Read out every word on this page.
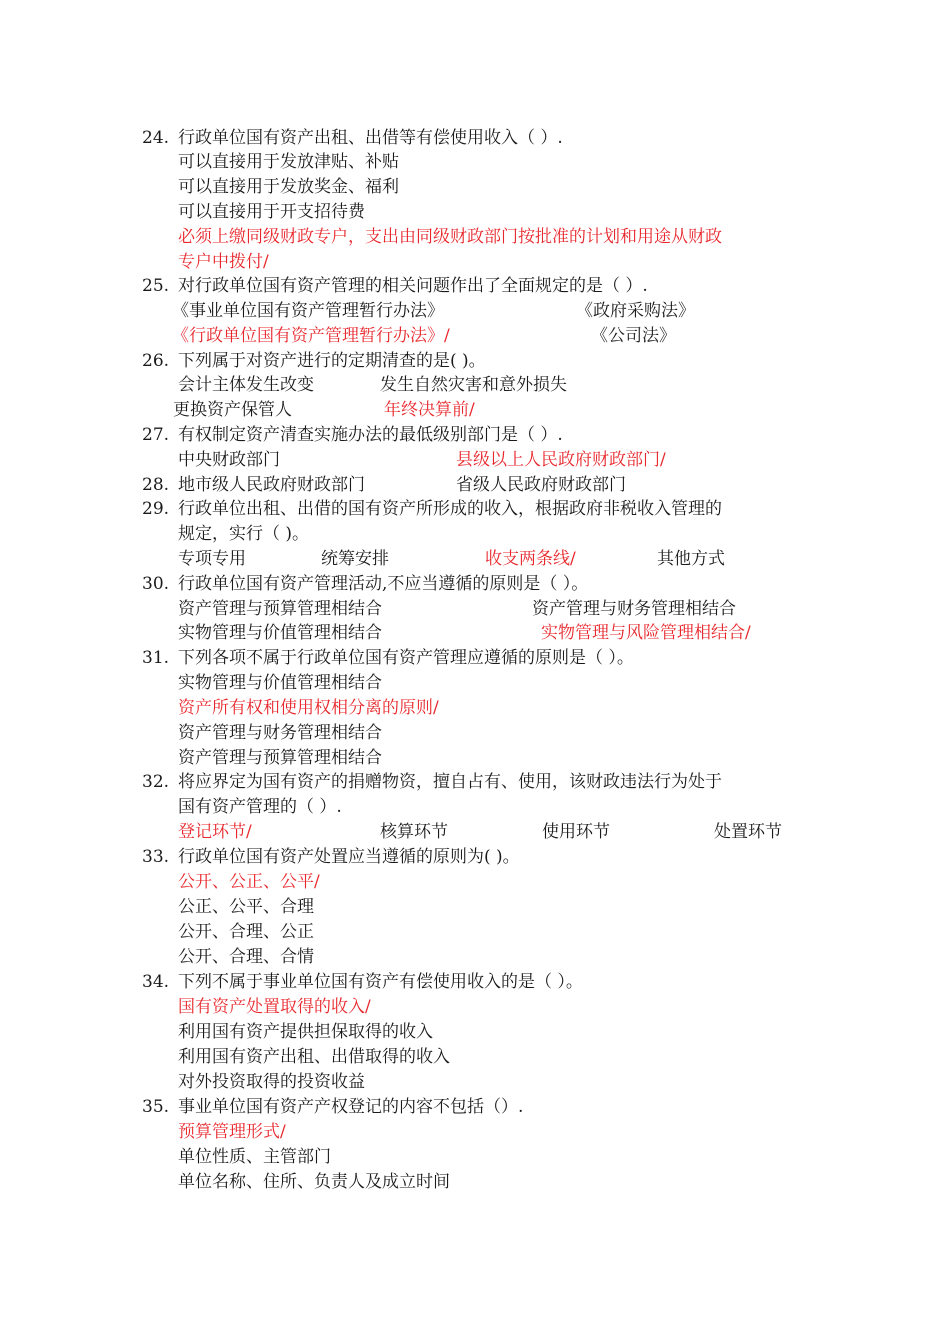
24. 行政单位国有资产出租、出借等有偿使用收入（ ）.
可以直接用于发放津贴、补贴
可以直接用于发放奖金、福利
可以直接用于开支招待费
必须上缴同级财政专户，支出由同级财政部门按批准的计划和用途从财政
专户中拨付/
25. 对行政单位国有资产管理的相关问题作出了全面规定的是（ ）.
《事业单位国有资产管理暂行办法》	《政府采购法》
《行政单位国有资产管理暂行办法》/	《公司法》
26. 下列属于对资产进行的定期清查的是( )。
会计主体发生改变	发生自然灾害和意外损失
更换资产保管人	年终决算前/
27. 有权制定资产清查实施办法的最低级别部门是（ ）.
中央财政部门	县级以上人民政府财政部门/
28. 地市级人民政府财政部门	省级人民政府财政部门
29. 行政单位出租、出借的国有资产所形成的收入，根据政府非税收入管理的
规定，实行（ )。
专项专用	统筹安排	收支两条线/	其他方式
30. 行政单位国有资产管理活动,不应当遵循的原则是（ ）。
资产管理与预算管理相结合	资产管理与财务管理相结合
实物管理与价值管理相结合	实物管理与风险管理相结合/
31. 下列各项不属于行政单位国有资产管理应遵循的原则是（ ）。
实物管理与价值管理相结合
资产所有权和使用权相分离的原则/
资产管理与财务管理相结合
资产管理与预算管理相结合
32. 将应界定为国有资产的捐赠物资，擅自占有、使用，该财政违法行为处于
国有资产管理的（ ）.
登记环节/	核算环节	使用环节	处置环节
33. 行政单位国有资产处置应当遵循的原则为( )。
公开、公正、公平/
公正、公平、合理
公开、合理、公正
公开、合理、合情
34. 下列不属于事业单位国有资产有偿使用收入的是（ ）。
国有资产处置取得的收入/
利用国有资产提供担保取得的收入
利用国有资产出租、出借取得的收入
对外投资取得的投资收益
35. 事业单位国有资产产权登记的内容不包括（）.
预算管理形式/
单位性质、主管部门
单位名称、住所、负责人及成立时间
